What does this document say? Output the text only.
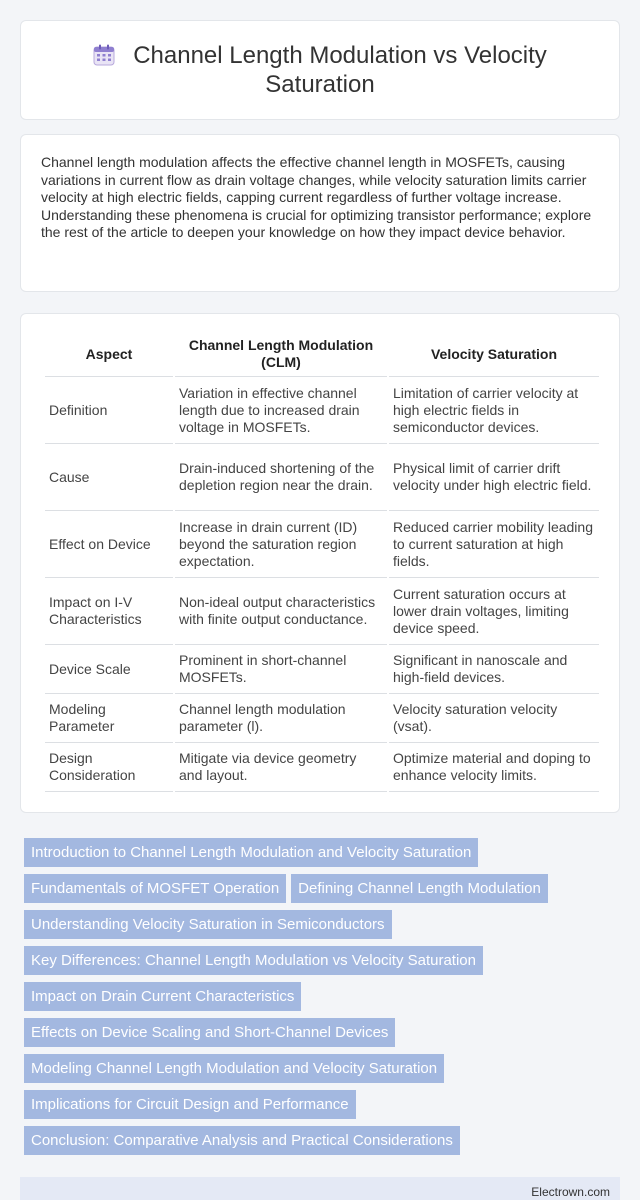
Channel Length Modulation vs Velocity Saturation

Channel length modulation affects the effective channel length in MOSFETs, causing variations in current flow as drain voltage changes, while velocity saturation limits carrier velocity at high electric fields, capping current regardless of further voltage increase. Understanding these phenomena is crucial for optimizing transistor performance; explore the rest of the article to deepen your knowledge on how they impact device behavior.

Aspect	Channel Length Modulation (CLM)	Velocity Saturation
Definition	Variation in effective channel length due to increased drain voltage in MOSFETs.	Limitation of carrier velocity at high electric fields in semiconductor devices.
Cause	Drain-induced shortening of the depletion region near the drain.	Physical limit of carrier drift velocity under high electric field.
Effect on Device	Increase in drain current (ID) beyond the saturation region expectation.	Reduced carrier mobility leading to current saturation at high fields.
Impact on I-V Characteristics	Non-ideal output characteristics with finite output conductance.	Current saturation occurs at lower drain voltages, limiting device speed.
Device Scale	Prominent in short-channel MOSFETs.	Significant in nanoscale and high-field devices.
Modeling Parameter	Channel length modulation parameter (l).	Velocity saturation velocity (vsat).
Design Consideration	Mitigate via device geometry and layout.	Optimize material and doping to enhance velocity limits.
Introduction to Channel Length Modulation and Velocity Saturation
Fundamentals of MOSFET Operation Defining Channel Length Modulation
Understanding Velocity Saturation in Semiconductors
Key Differences: Channel Length Modulation vs Velocity Saturation
Impact on Drain Current Characteristics
Effects on Device Scaling and Short-Channel Devices
Modeling Channel Length Modulation and Velocity Saturation
Implications for Circuit Design and Performance
Conclusion: Comparative Analysis and Practical Considerations
Electrown.com
